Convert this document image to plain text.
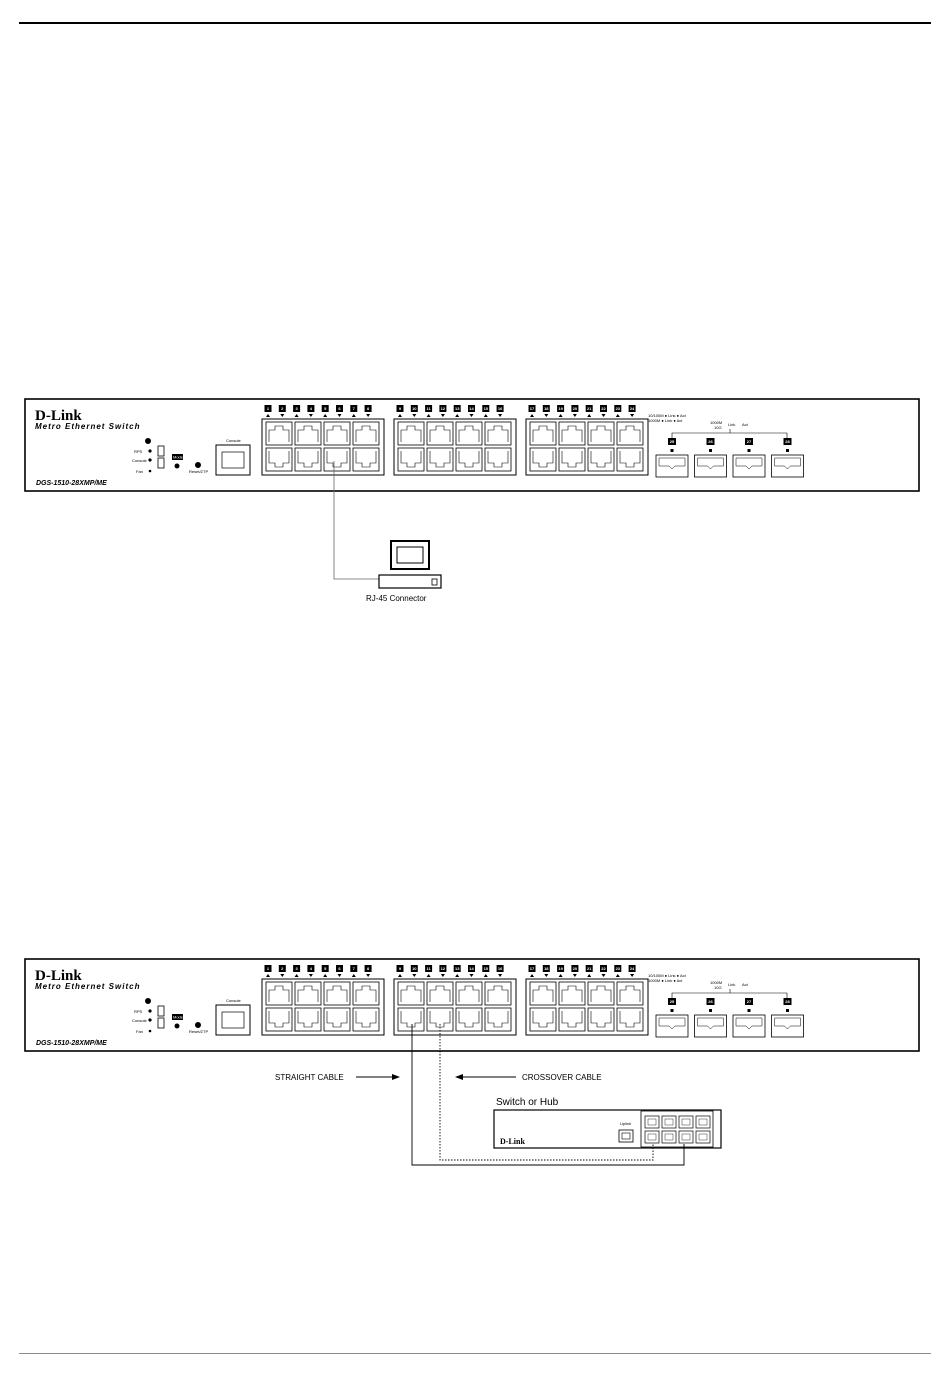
D-Link
Metro Ethernet Switch
DGS-1510-28XMP/ME
RPS
Console
Fan
Mode
Reset/ZTP
Console
1	2	3	4	5	6	7	8	9	10 11 12 13 14 15 16	17 18 19 20 21 22 23 24
10/100M ● Link ● Act
1000M ● Link ● Act	1000M
10G
Link Act
25	26	27	28
RJ-45 Connector
D-Link
Metro Ethernet Switch
DGS-1510-28XMP/ME
RPS
Console
Fan
Mode
Reset/ZTP
Console
1	2	3	4	5	6	7	8	9	10 11 12 13 14 15 16	17 18 19 20 21 22 23 24
10/100M ● Link ● Act
1000M ● Link ● Act	1000M
10G
Link Act
25	26	27	28
STRAIGHT CABLE	CROSSOVER CABLE
Switch or Hub
D-Link
Uplink
